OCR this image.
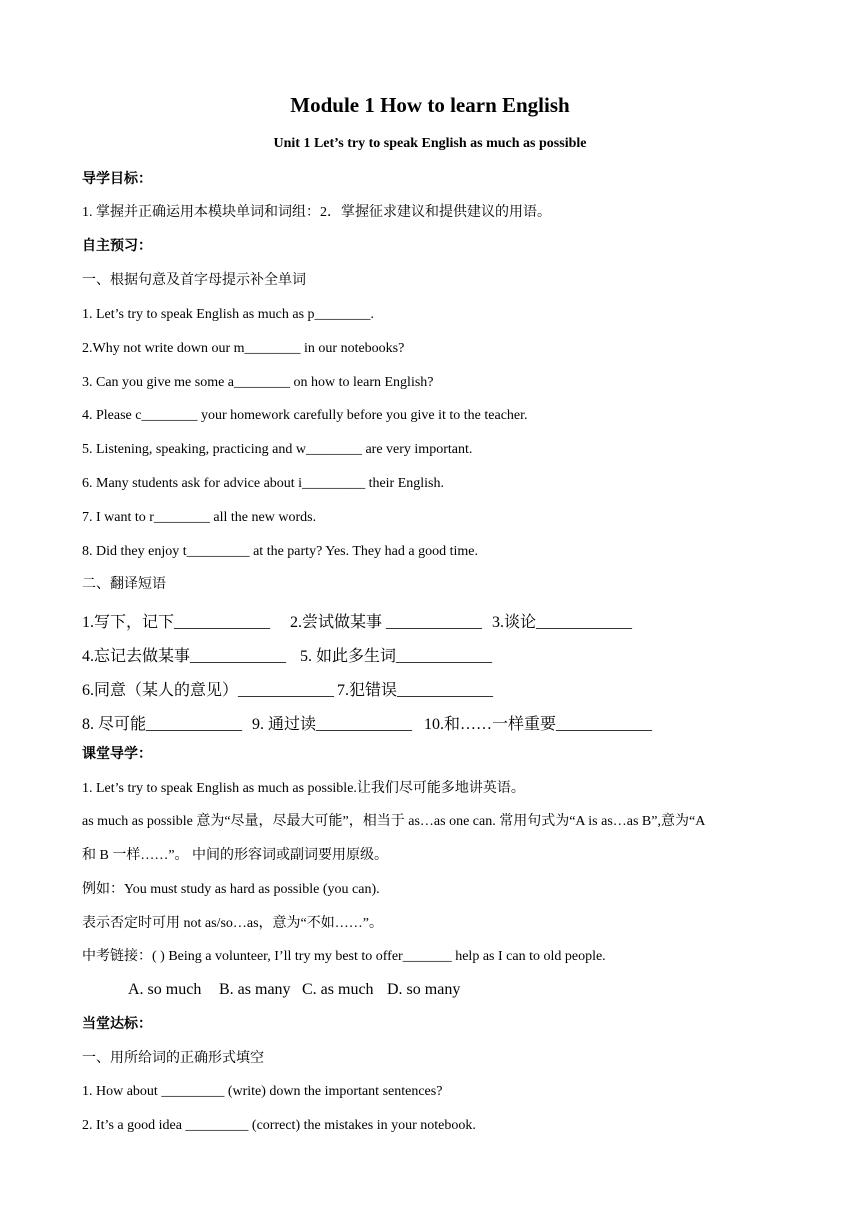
Module 1 How to learn English
Unit 1 Let’s try to speak English as much as possible

导学目标：

1. 掌握并正确运用本模块单词和词组：2．掌握征求建议和提供建议的用语。

自主预习：

一、根据句意及首字母提示补全单词

1. Let’s try to speak English as much as p________.

2.Why not write down our m________ in our notebooks?

3. Can you give me some a________ on how to learn English?

4. Please c________ your homework carefully before you give it to the teacher.

5. Listening, speaking, practicing and w________ are very important.

6. Many students ask for advice about i_________ their English.

7. I want to r________ all the new words.

8. Did they enjoy t_________ at the party? Yes. They had a good time.

二、翻译短语

1.写下，记下____________ 2.尝试做某事 ____________ 3.谈论____________
4.忘记去做某事____________ 5. 如此多生词____________
6.同意（某人的意见）____________ 7.犯错误____________
8. 尽可能____________ 9. 通过读____________ 10.和……一样重要____________

课堂导学：

1. Let’s try to speak English as much as possible.让我们尽可能多地讲英语。

as much as possible 意为“尽量，尽最大可能”，相当于 as…as one can. 常用句式为“A is as…as B”,意为“A

和 B 一样……”。 中间的形容词或副词要用原级。

例如：You must study as hard as possible (you can).

表示否定时可用 not as/so…as，意为“不如……”。

中考链接：( ) Being a volunteer, I’ll try my best to offer_______ help as I can to old people.

A. so much B. as many C. as much D. so many

当堂达标：

一、用所给词的正确形式填空

1. How about _________ (write) down the important sentences?

2. It’s a good idea _________ (correct) the mistakes in your notebook.
